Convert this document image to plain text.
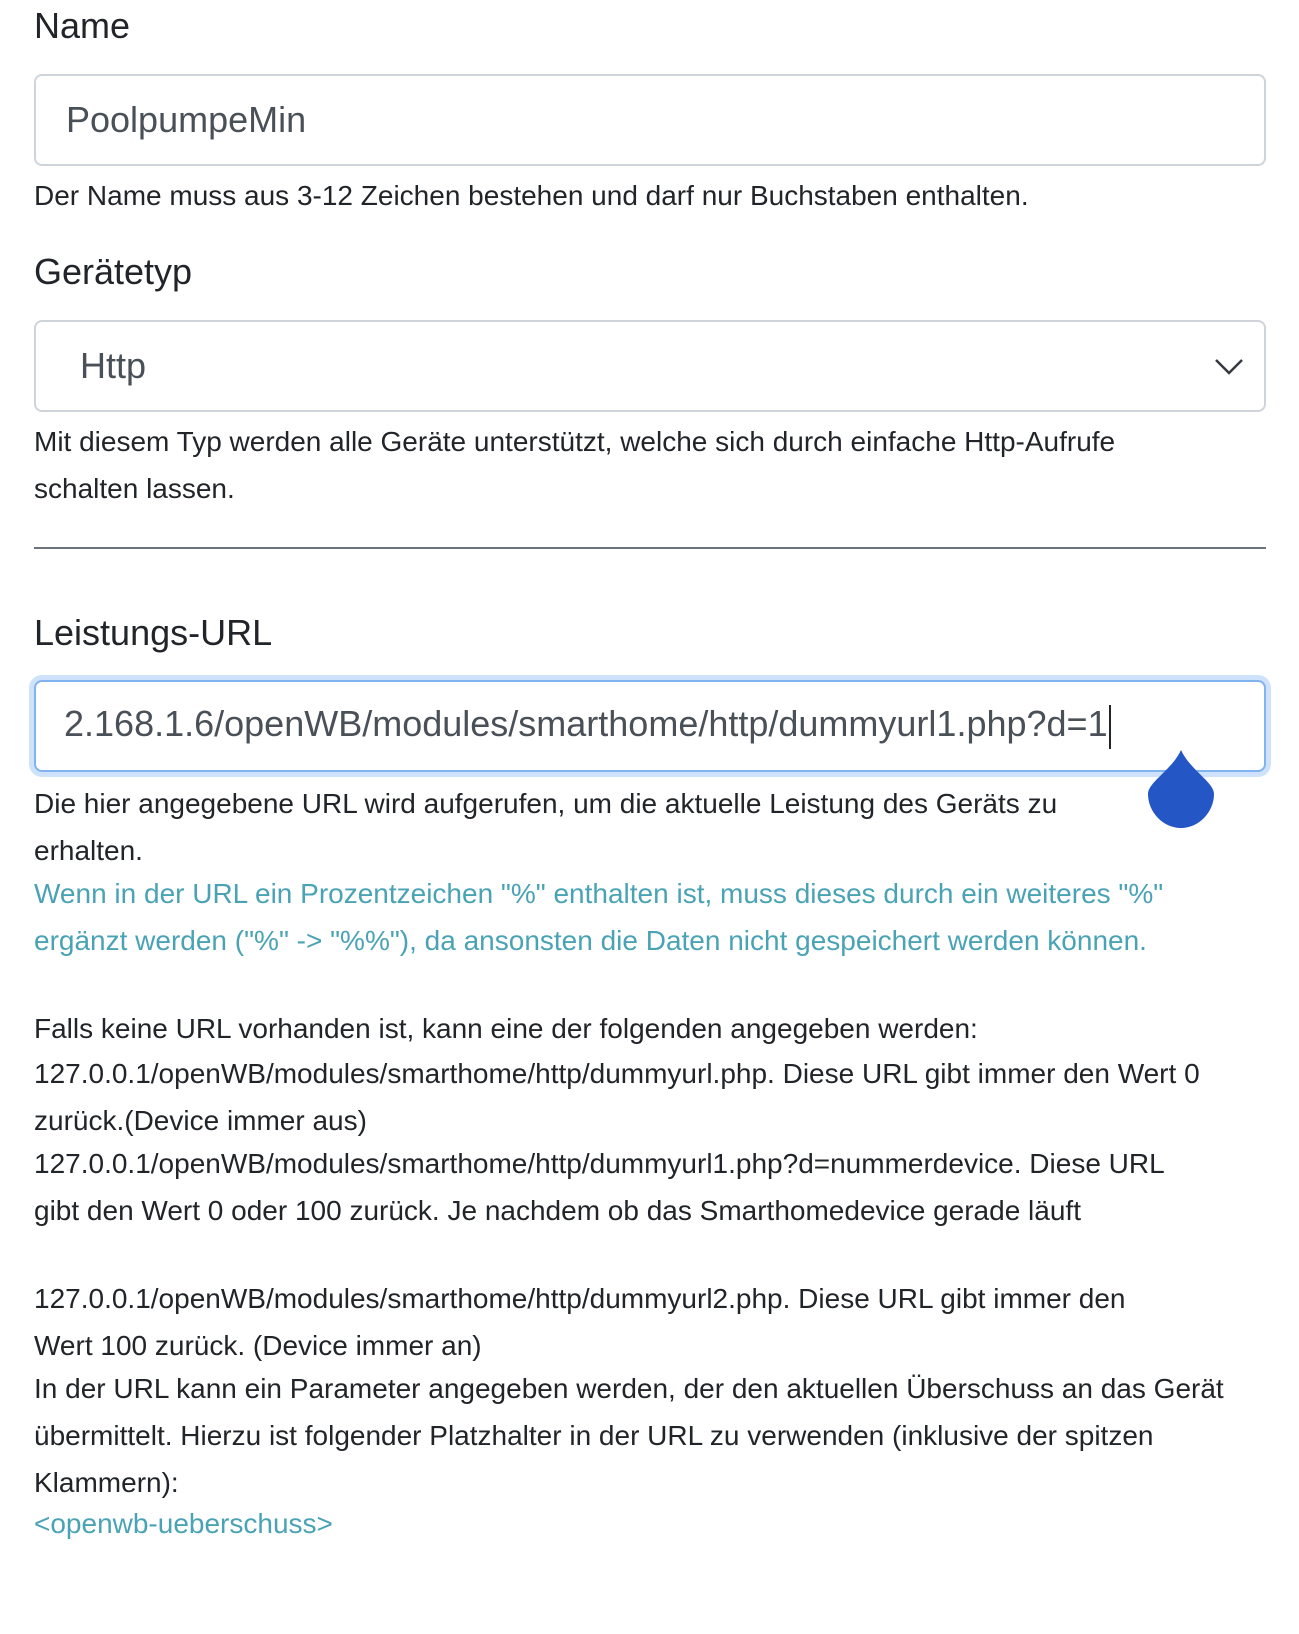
Name
PoolpumpeMin

Der Name muss aus 3-12 Zeichen bestehen und darf nur Buchstaben enthalten.

Gerätetyp
Http

Mit diesem Typ werden alle Geräte unterstützt, welche sich durch einfache Http-Aufrufe schalten lassen.

Leistungs-URL
2.168.1.6/openWB/modules/smarthome/http/dummyurl1.php?d=1

Die hier angegebene URL wird aufgerufen, um die aktuelle Leistung des Geräts zu erhalten.

Wenn in der URL ein Prozentzeichen "%" enthalten ist, muss dieses durch ein weiteres "%" ergänzt werden ("%" -> "%%"), da ansonsten die Daten nicht gespeichert werden können.

Falls keine URL vorhanden ist, kann eine der folgenden angegeben werden:

127.0.0.1/openWB/modules/smarthome/http/dummyurl.php. Diese URL gibt immer den Wert 0 zurück.(Device immer aus)

127.0.0.1/openWB/modules/smarthome/http/dummyurl1.php?d=nummerdevice. Diese URL gibt den Wert 0 oder 100 zurück. Je nachdem ob das Smarthomedevice gerade läuft

127.0.0.1/openWB/modules/smarthome/http/dummyurl2.php. Diese URL gibt immer den Wert 100 zurück. (Device immer an)

In der URL kann ein Parameter angegeben werden, der den aktuellen Überschuss an das Gerät übermittelt. Hierzu ist folgender Platzhalter in der URL zu verwenden (inklusive der spitzen Klammern):

<openwb-ueberschuss>
